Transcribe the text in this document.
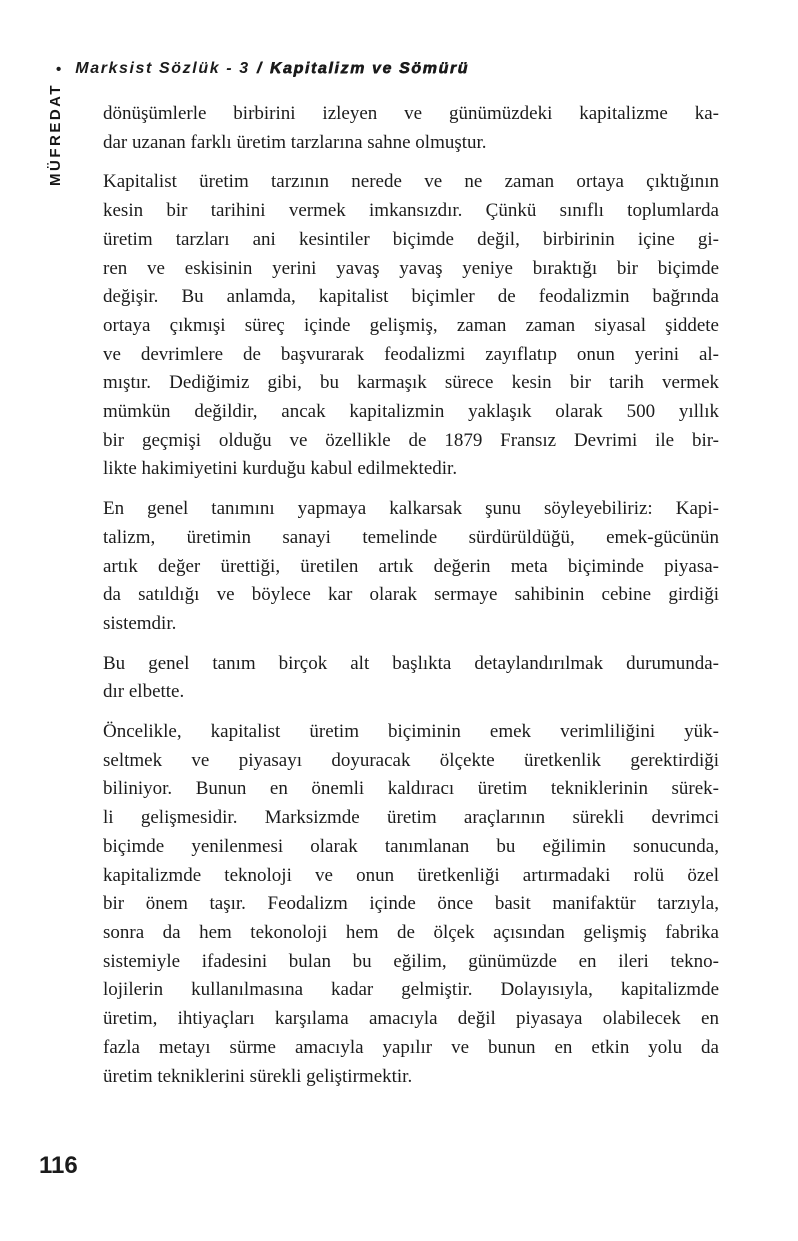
• Marksist Sözlük - 3 / Kapitalizm ve Sömürü
MÜFREDAT dönüşümlerle birbirini izleyen ve günümüzdeki kapitalizme ka-
dar uzanan farklı üretim tarzlarına sahne olmuştur.
Kapitalist üretim tarzının nerede ve ne zaman ortaya çıktığının
kesin bir tarihini vermek imkansızdır. Çünkü sınıflı toplumlarda
üretim tarzları ani kesintiler biçimde değil, birbirinin içine gi-
ren ve eskisinin yerini yavaş yavaş yeniye bıraktığı bir biçimde
değişir. Bu anlamda, kapitalist biçimler de feodalizmin bağrında
ortaya çıkmışi süreç içinde gelişmiş, zaman zaman siyasal şiddete
ve devrimlere de başvurarak feodalizmi zayıflatıp onun yerini al-
mıştır. Dediğimiz gibi, bu karmaşık sürece kesin bir tarih vermek
mümkün değildir, ancak kapitalizmin yaklaşık olarak 500 yıllık
bir geçmişi olduğu ve özellikle de 1879 Fransız Devrimi ile bir-
likte hakimiyetini kurduğu kabul edilmektedir.
En genel tanımını yapmaya kalkarsak şunu söyleyebiliriz: Kapi-
talizm, üretimin sanayi temelinde sürdürüldüğü, emek-gücünün
artık değer ürettiği, üretilen artık değerin meta biçiminde piyasa-
da satıldığı ve böylece kar olarak sermaye sahibinin cebine girdiği
sistemdir.
Bu genel tanım birçok alt başlıkta detaylandırılmak durumunda-
dır elbette.
Öncelikle, kapitalist üretim biçiminin emek verimliliğini yük-
seltmek ve piyasayı doyuracak ölçekte üretkenlik gerektirdiği
biliniyor. Bunun en önemli kaldıracı üretim tekniklerinin sürek-
li gelişmesidir. Marksizmde üretim araçlarının sürekli devrimci
biçimde yenilenmesi olarak tanımlanan bu eğilimin sonucunda,
kapitalizmde teknoloji ve onun üretkenliği artırmadaki rolü özel
bir önem taşır. Feodalizm içinde önce basit manifaktür tarzıyla,
sonra da hem tekonoloji hem de ölçek açısından gelişmiş fabrika
sistemiyle ifadesini bulan bu eğilim, günümüzde en ileri tekno-
lojilerin kullanılmasına kadar gelmiştir. Dolayısıyla, kapitalizmde
üretim, ihtiyaçları karşılama amacıyla değil piyasaya olabilecek en
fazla metayı sürme amacıyla yapılır ve bunun en etkin yolu da
üretim tekniklerini sürekli geliştirmektir.
116
